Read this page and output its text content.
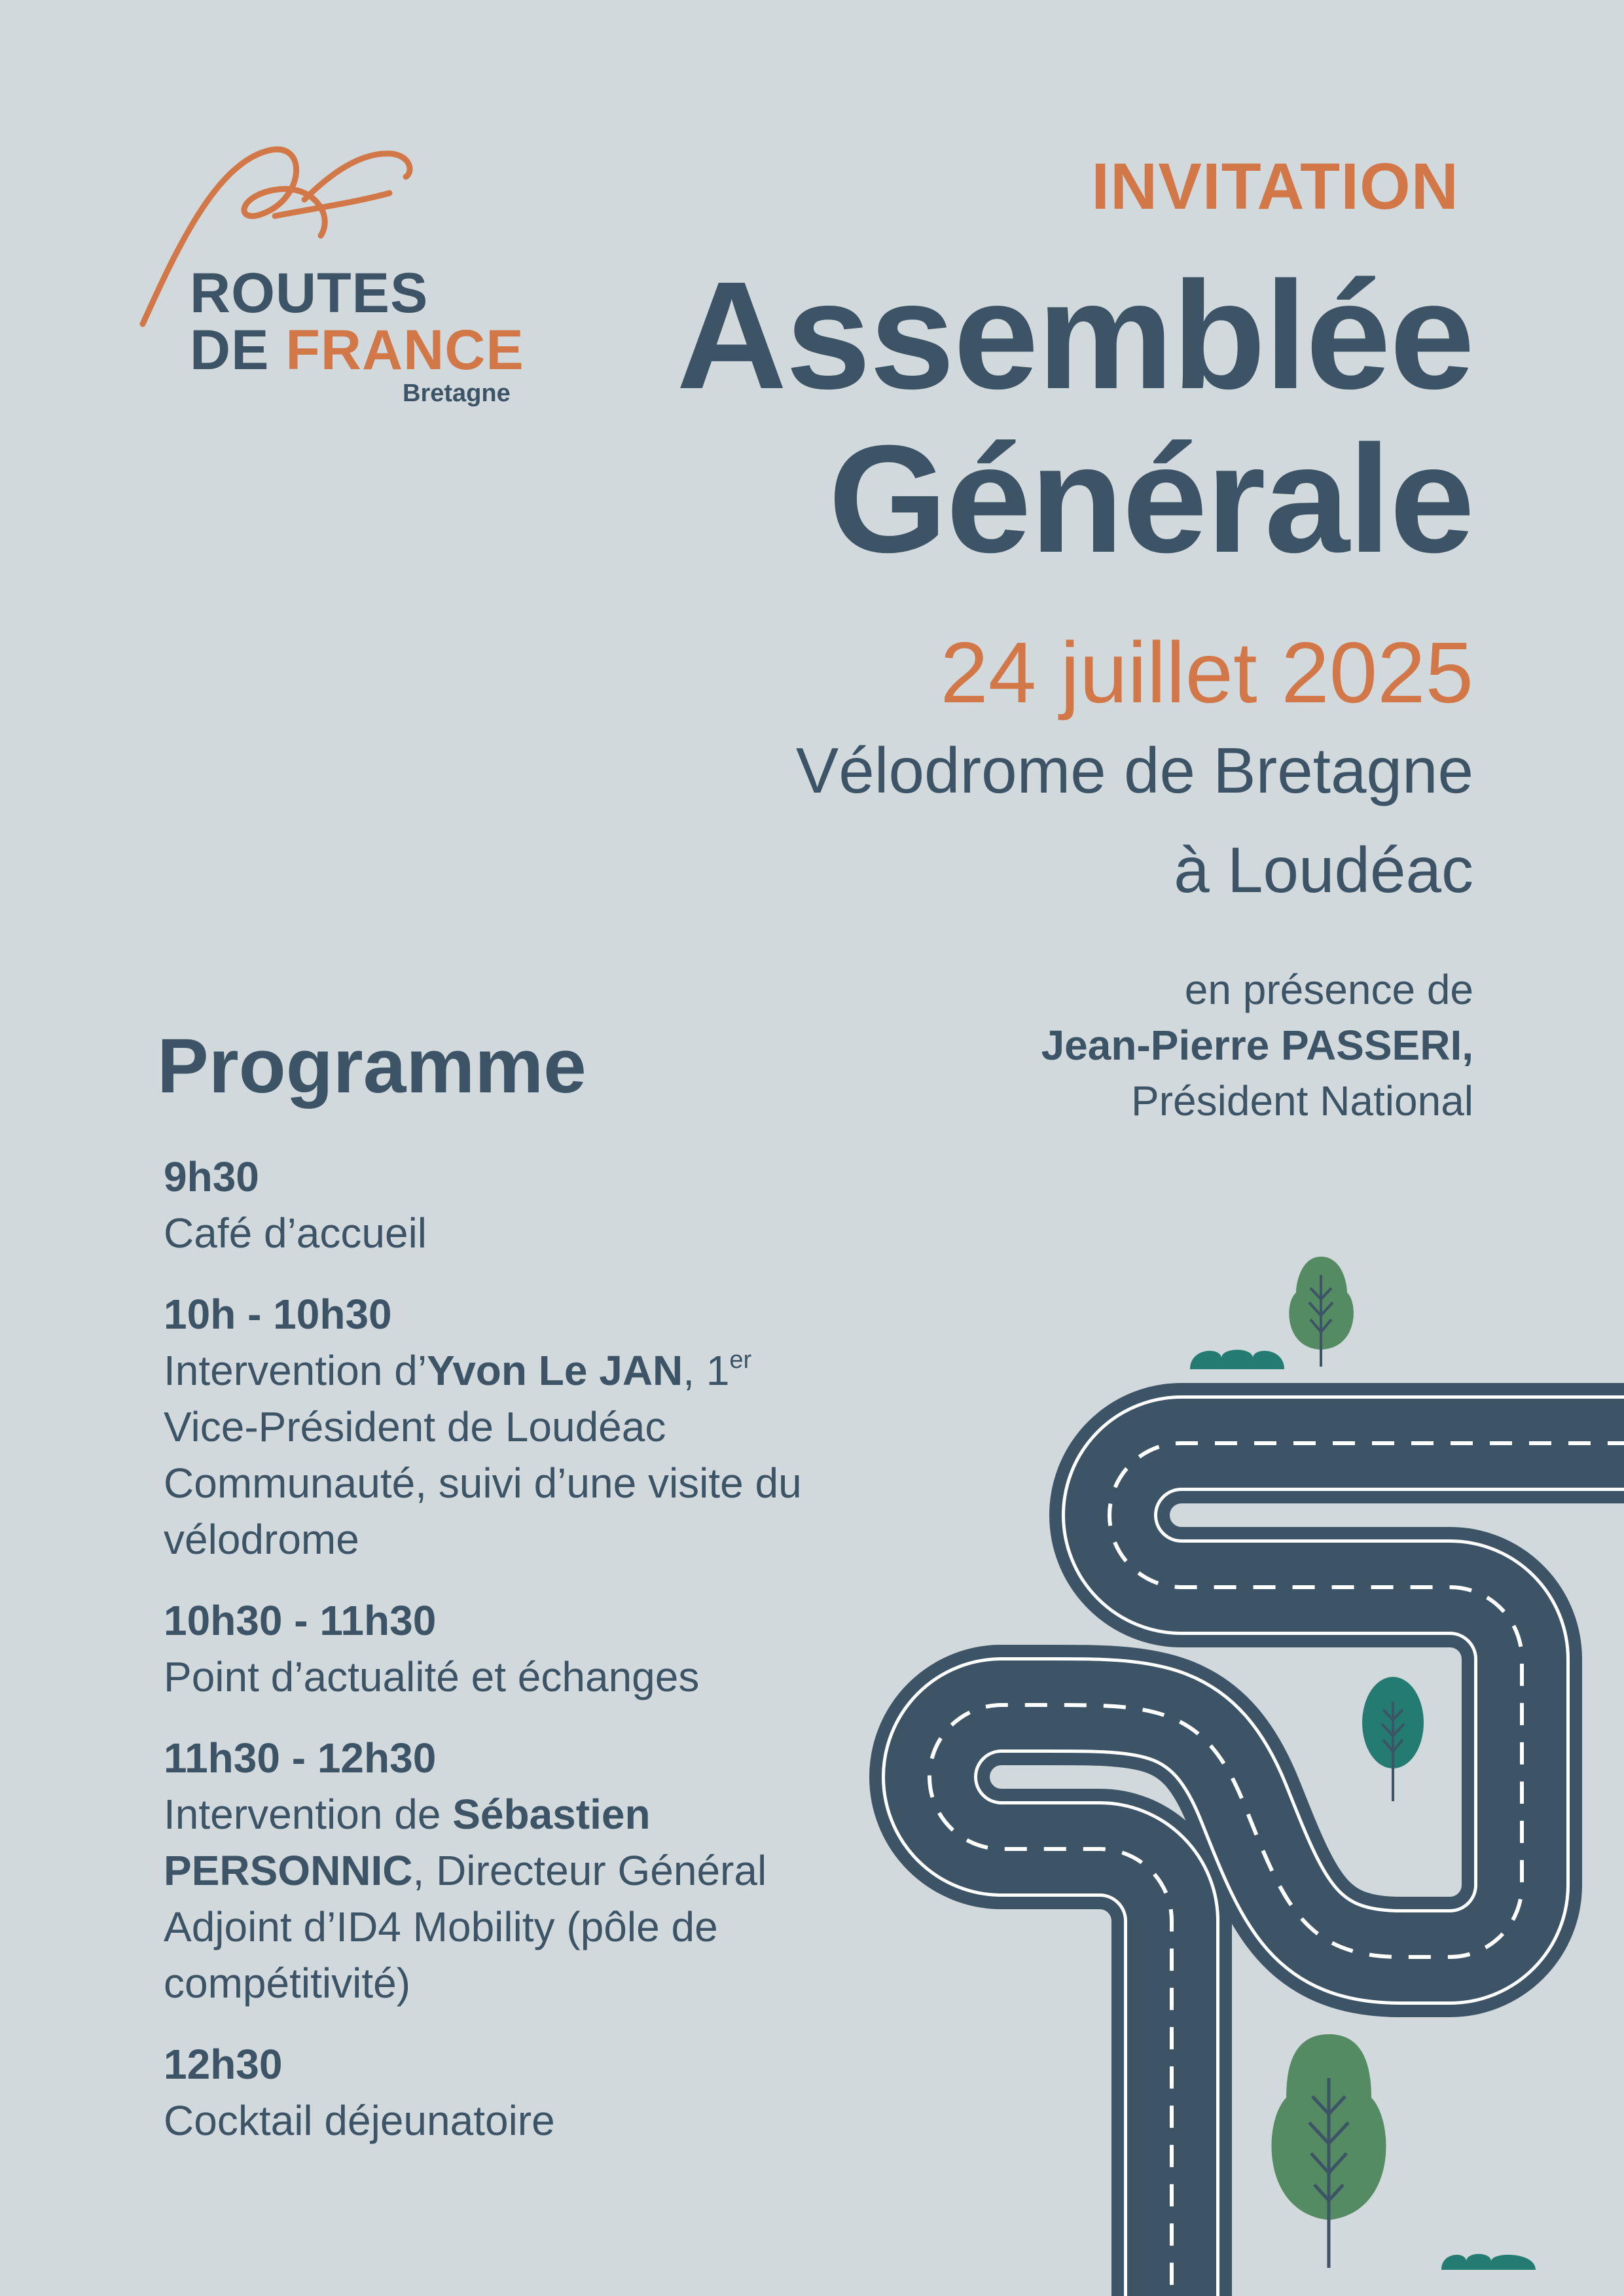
ROUTES
DE FRANCE
Bretagne
INVITATION
Assemblée
Générale
24 juillet 2025
Vélodrome de Bretagne
à Loudéac
en présence de
Jean-Pierre PASSERI,
Président National
Programme
9h30
Café d’accueil
10h - 10h30
Intervention d’Yvon Le JAN, 1er Vice-Président de Loudéac Communauté, suivi d’une visite du vélodrome
10h30 - 11h30
Point d’actualité et échanges
11h30 - 12h30
Intervention de Sébastien PERSONNIC, Directeur Général Adjoint d’ID4 Mobility (pôle de compétitivité)
12h30
Cocktail déjeunatoire
